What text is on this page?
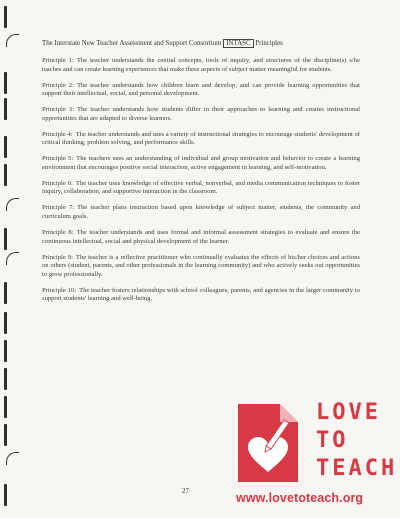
The Interstate New Teacher Assessment and Support Consortium INTASC Principles

Principle 1: The teacher understands the central concepts, tools of inquiry, and structures of the discipline(s) s/he teaches and can create learning experiences that make these aspects of subject matter meaningful for students.

Principle 2: The teacher understands how children learn and develop, and can provide learning opportunities that support their intellectual, social, and personal development.

Principle 3: The teacher understands how students differ in their approaches to learning and creates instructional opportunities that are adapted to diverse learners.

Principle 4: The teacher understands and uses a variety of instructional strategies to encourage students' development of critical thinking, problem solving, and performance skills.

Principle 5: The teachers uses an understanding of individual and group motivation and behavior to create a learning environment that encourages positive social interaction, active engagement in learning, and self-motivation.

Principle 6: The teacher uses knowledge of effective verbal, nonverbal, and media communication techniques to foster inquiry, collaboration, and supportive interaction in the classroom.

Principle 7: The teacher plans instruction based upon knowledge of subject matter, students, the community and curriculum goals.

Principle 8: The teacher understands and uses formal and informal assessment strategies to evaluate and ensure the continuous intellectual, social and physical development of the learner.

Principle 9: The teacher is a reflective practitioner who continually evaluates the effects of his/her choices and actions on others (student, parents, and other professionals in the learning community) and who actively seeks out opportunities to grow professionally.

Principle 10: The teacher fosters relationships with school colleagues, parents, and agencies in the larger community to support students' learning and well-being.

LOVE
TO
TEACH
www.lovetoteach.org
27
